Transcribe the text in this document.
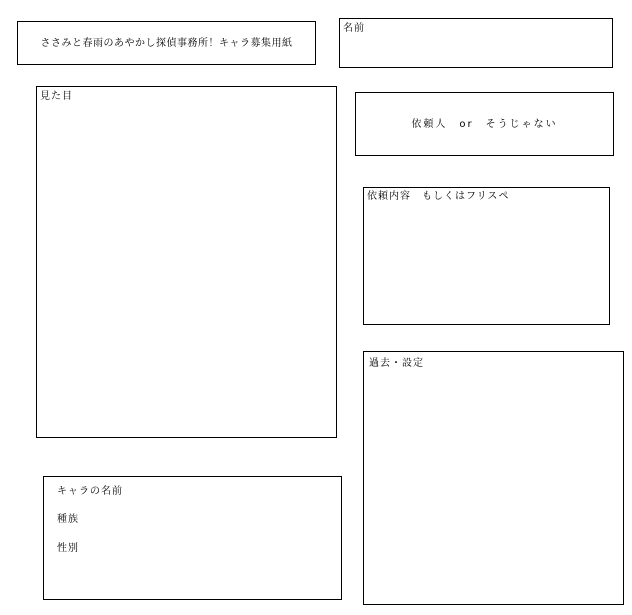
ささみと春雨のあやかし探偵事務所！キャラ募集用紙
名前
見た目
依頼人　or　そうじゃない
依頼内容　もしくはフリスペ
過去・設定
キャラの名前
種族
性別
